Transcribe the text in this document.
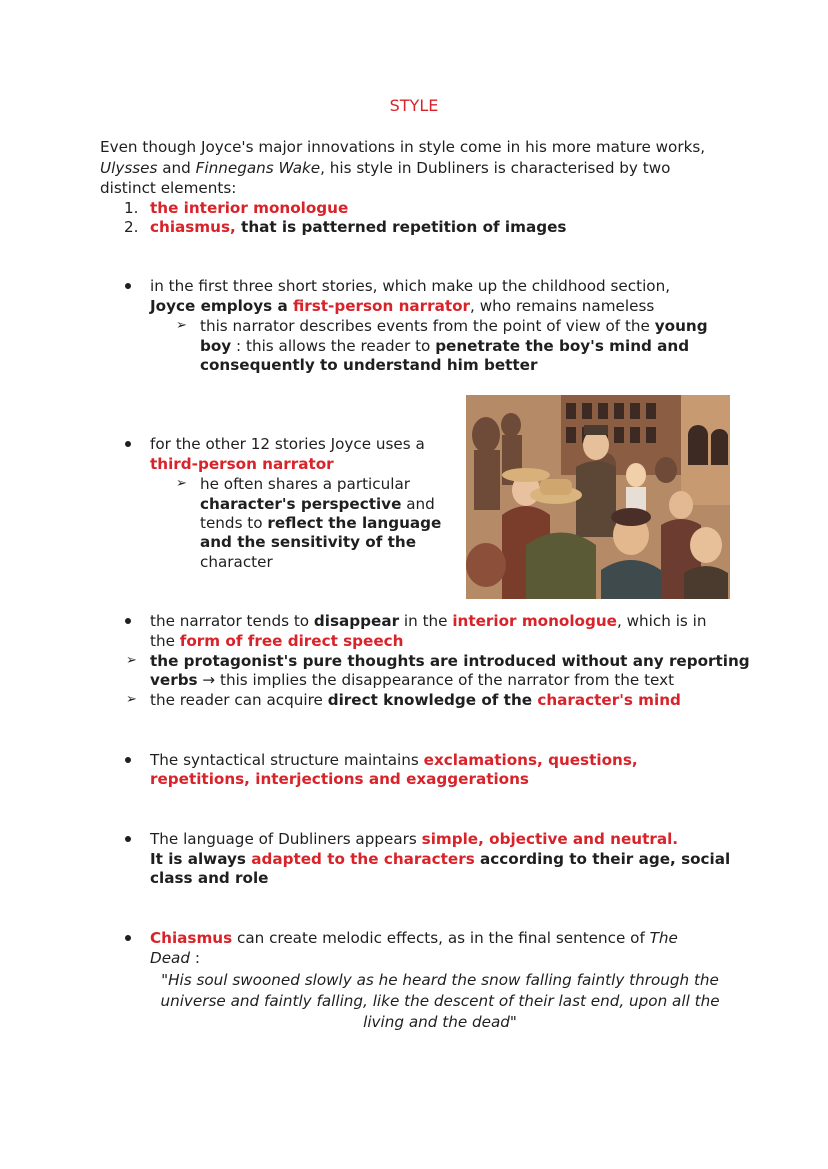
STYLE
Even though Joyce's major innovations in style come in his more mature works,
Ulysses and Finnegans Wake, his style in Dubliners is characterised by two
distinct elements:
1. the interior monologue
2. chiasmus, that is patterned repetition of images
in the first three short stories, which make up the childhood section,
Joyce employs a first-person narrator, who remains nameless
➢ this narrator describes events from the point of view of the young
boy : this allows the reader to penetrate the boy's mind and
consequently to understand him better
for the other 12 stories Joyce uses a
third-person narrator
➢ he often shares a particular
character's perspective and
tends to reflect the language
and the sensitivity of the
character
the narrator tends to disappear in the interior monologue, which is in
the form of free direct speech
➢ the protagonist's pure thoughts are introduced without any reporting
verbs → this implies the disappearance of the narrator from the text
➢ the reader can acquire direct knowledge of the character's mind
The syntactical structure maintains exclamations, questions,
repetitions, interjections and exaggerations
The language of Dubliners appears simple, objective and neutral.
It is always adapted to the characters according to their age, social
class and role
Chiasmus can create melodic effects, as in the final sentence of The
Dead :
"His soul swooned slowly as he heard the snow falling faintly through the
universe and faintly falling, like the descent of their last end, upon all the
living and the dead"
